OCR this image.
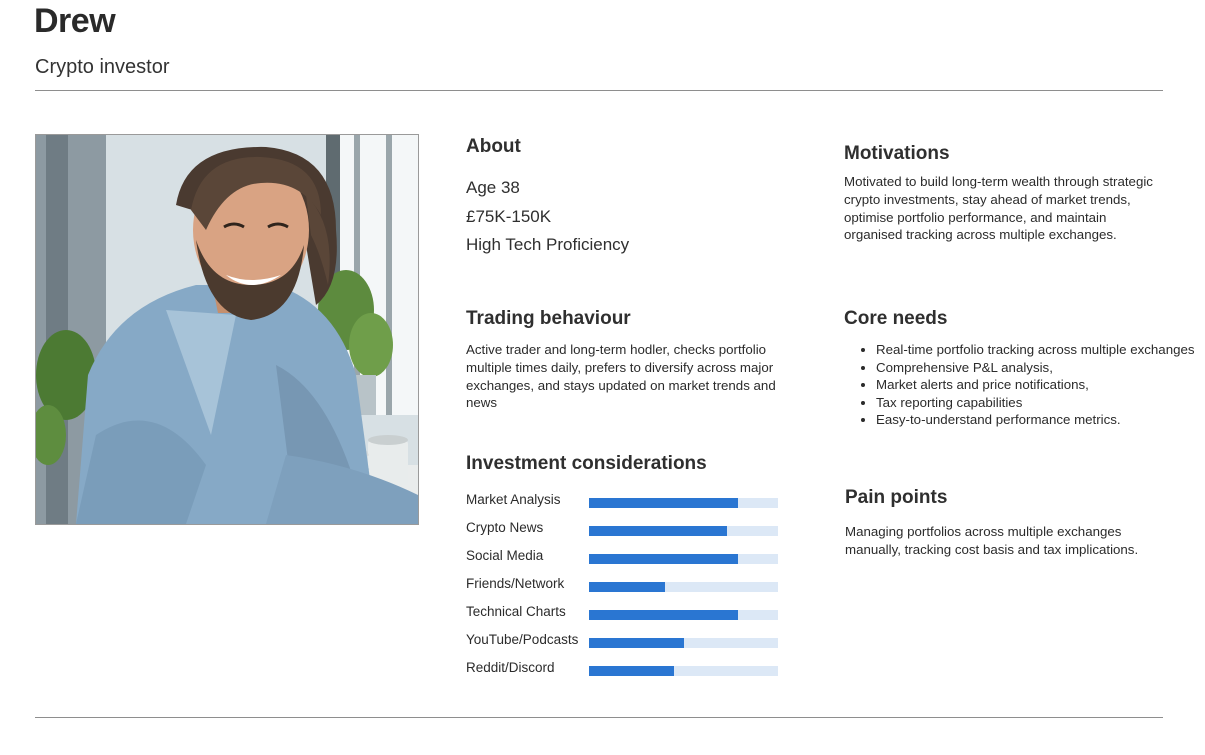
Drew
Crypto investor
About
Age 38
£75K-150K
High Tech Proficiency
Motivations
Motivated to build long-term wealth through strategic crypto investments, stay ahead of market trends, optimise portfolio performance, and maintain organised tracking across multiple exchanges.
Trading behaviour
Active trader and long-term hodler, checks portfolio multiple times daily, prefers to diversify across major exchanges, and stays updated on market trends and news
Core needs
• Real-time portfolio tracking across multiple exchanges
• Comprehensive P&L analysis,
• Market alerts and price notifications,
• Tax reporting capabilities
• Easy-to-understand performance metrics.
Investment considerations
Market Analysis
Crypto News
Social Media
Friends/Network
Technical Charts
YouTube/Podcasts
Reddit/Discord
Pain points
Managing portfolios across multiple exchanges manually, tracking cost basis and tax implications.
